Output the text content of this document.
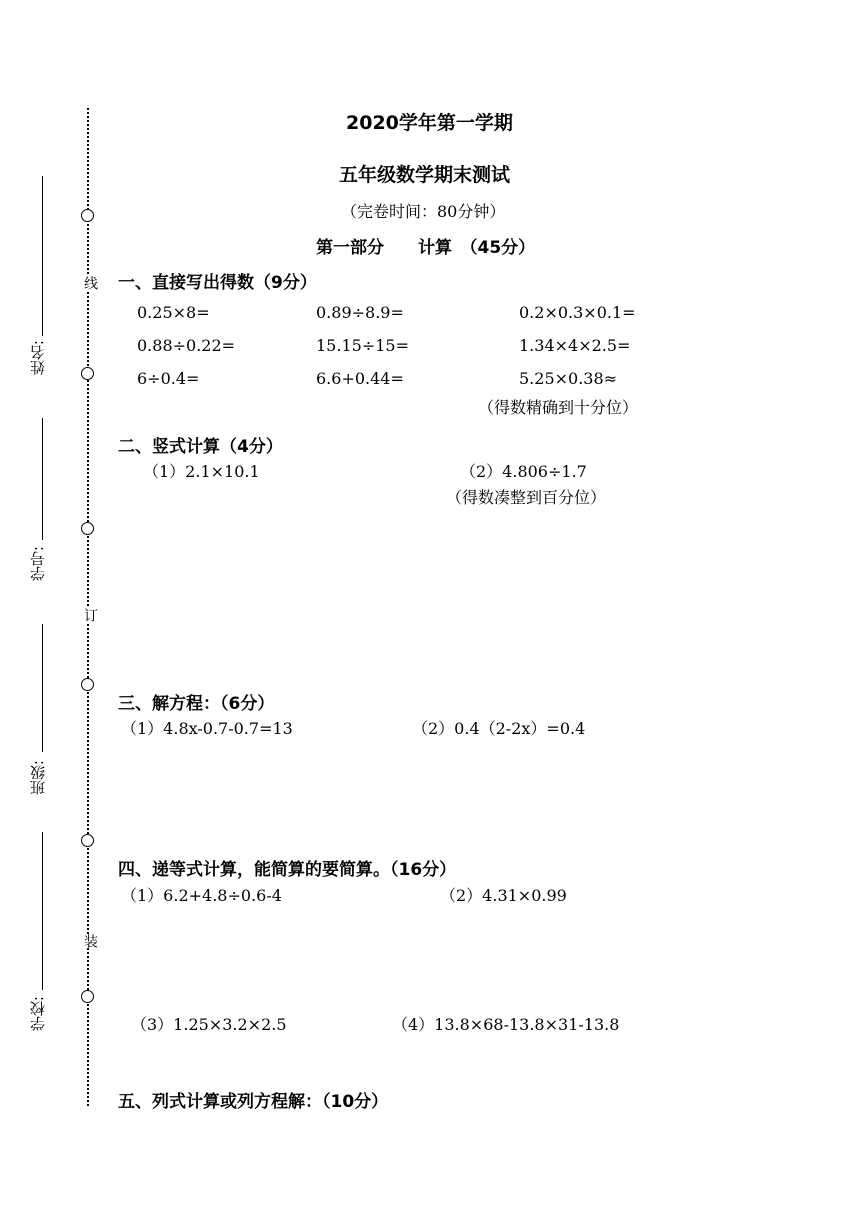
线
订
装
姓名:
学号:
班级:
学校:
2020学年第一学期
五年级数学期末测试
（完卷时间：80分钟）
第一部分　　计算　（45分）
一、直接写出得数（9分）
0.25×8=	0.89÷8.9=	0.2×0.3×0.1=
0.88÷0.22=	15.15÷15=	1.34×4×2.5=
6÷0.4=	6.6+0.44=	5.25×0.38≈
（得数精确到十分位）
二、竖式计算（4分）
（1）2.1×10.1	（2）4.806÷1.7
（得数凑整到百分位）
三、解方程：（6分）
（1）4.8x-0.7-0.7=13	（2）0.4（2-2x）=0.4
四、递等式计算，能简算的要简算。（16分）
（1）6.2+4.8÷0.6-4	（2）4.31×0.99
（3）1.25×3.2×2.5	（4）13.8×68-13.8×31-13.8
五、列式计算或列方程解：（10分）
